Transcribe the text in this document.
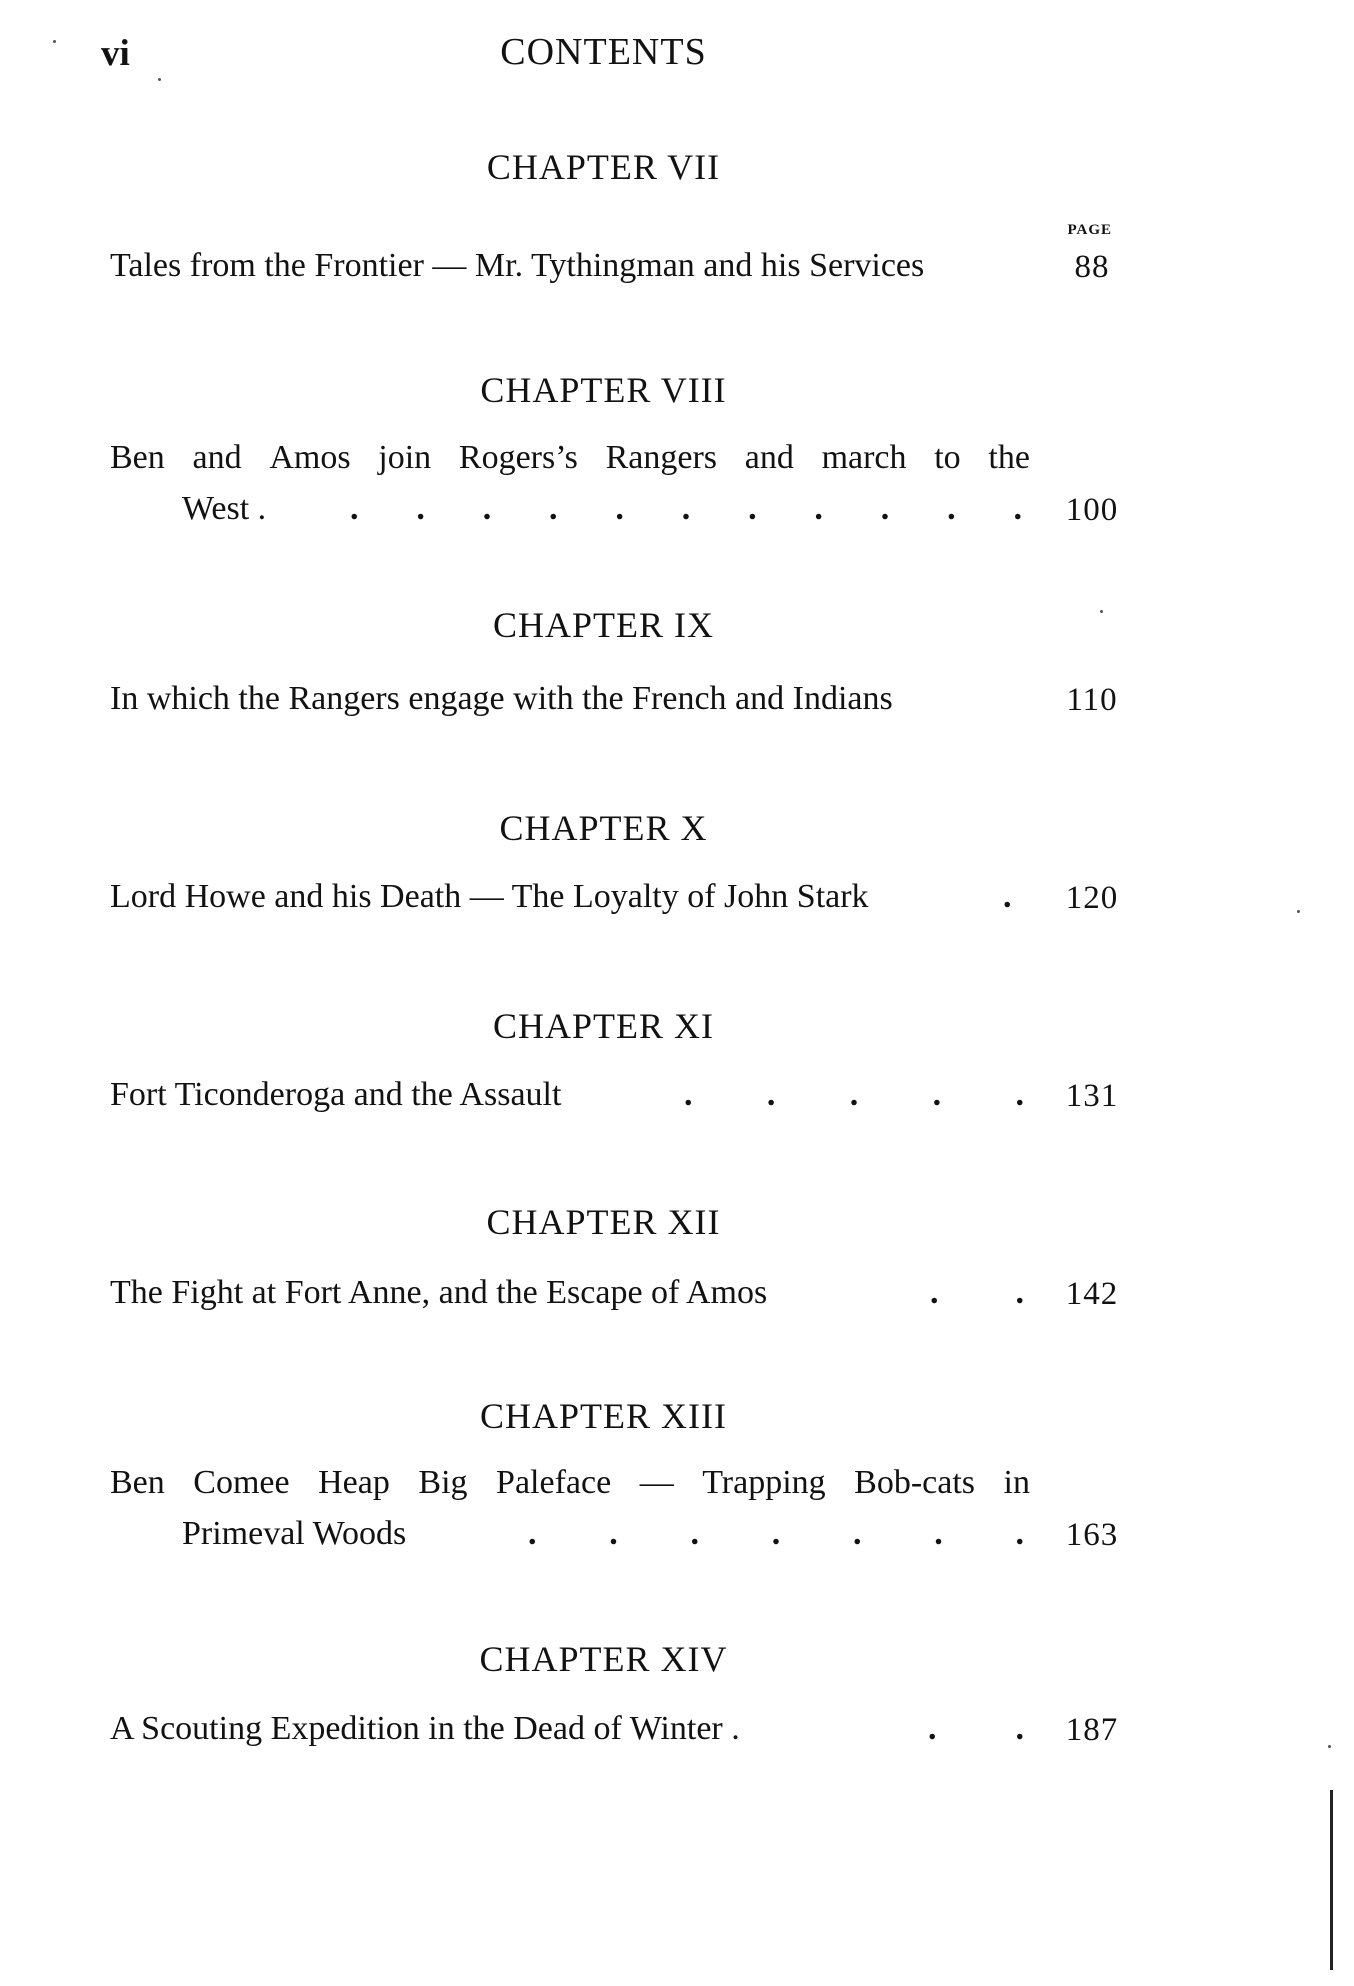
vi	CONTENTS
CHAPTER VII
PAGE
Tales from the Frontier — Mr. Tythingman and his Services	88
CHAPTER VIII
Ben and Amos join Rogers’s Rangers and march to the
West . . . . . . . . . . . . 100
CHAPTER IX
In which the Rangers engage with the French and Indians	110
CHAPTER X
Lord Howe and his Death — The Loyalty of John Stark	. 120
CHAPTER XI
Fort Ticonderoga and the Assault	. . . . . 131
CHAPTER XII
The Fight at Fort Anne, and the Escape of Amos	. . 142
CHAPTER XIII
Ben Comee Heap Big Paleface — Trapping Bob-cats in
Primeval Woods	. . . . . . . 163
CHAPTER XIV
A Scouting Expedition in the Dead of Winter .	. . 187
